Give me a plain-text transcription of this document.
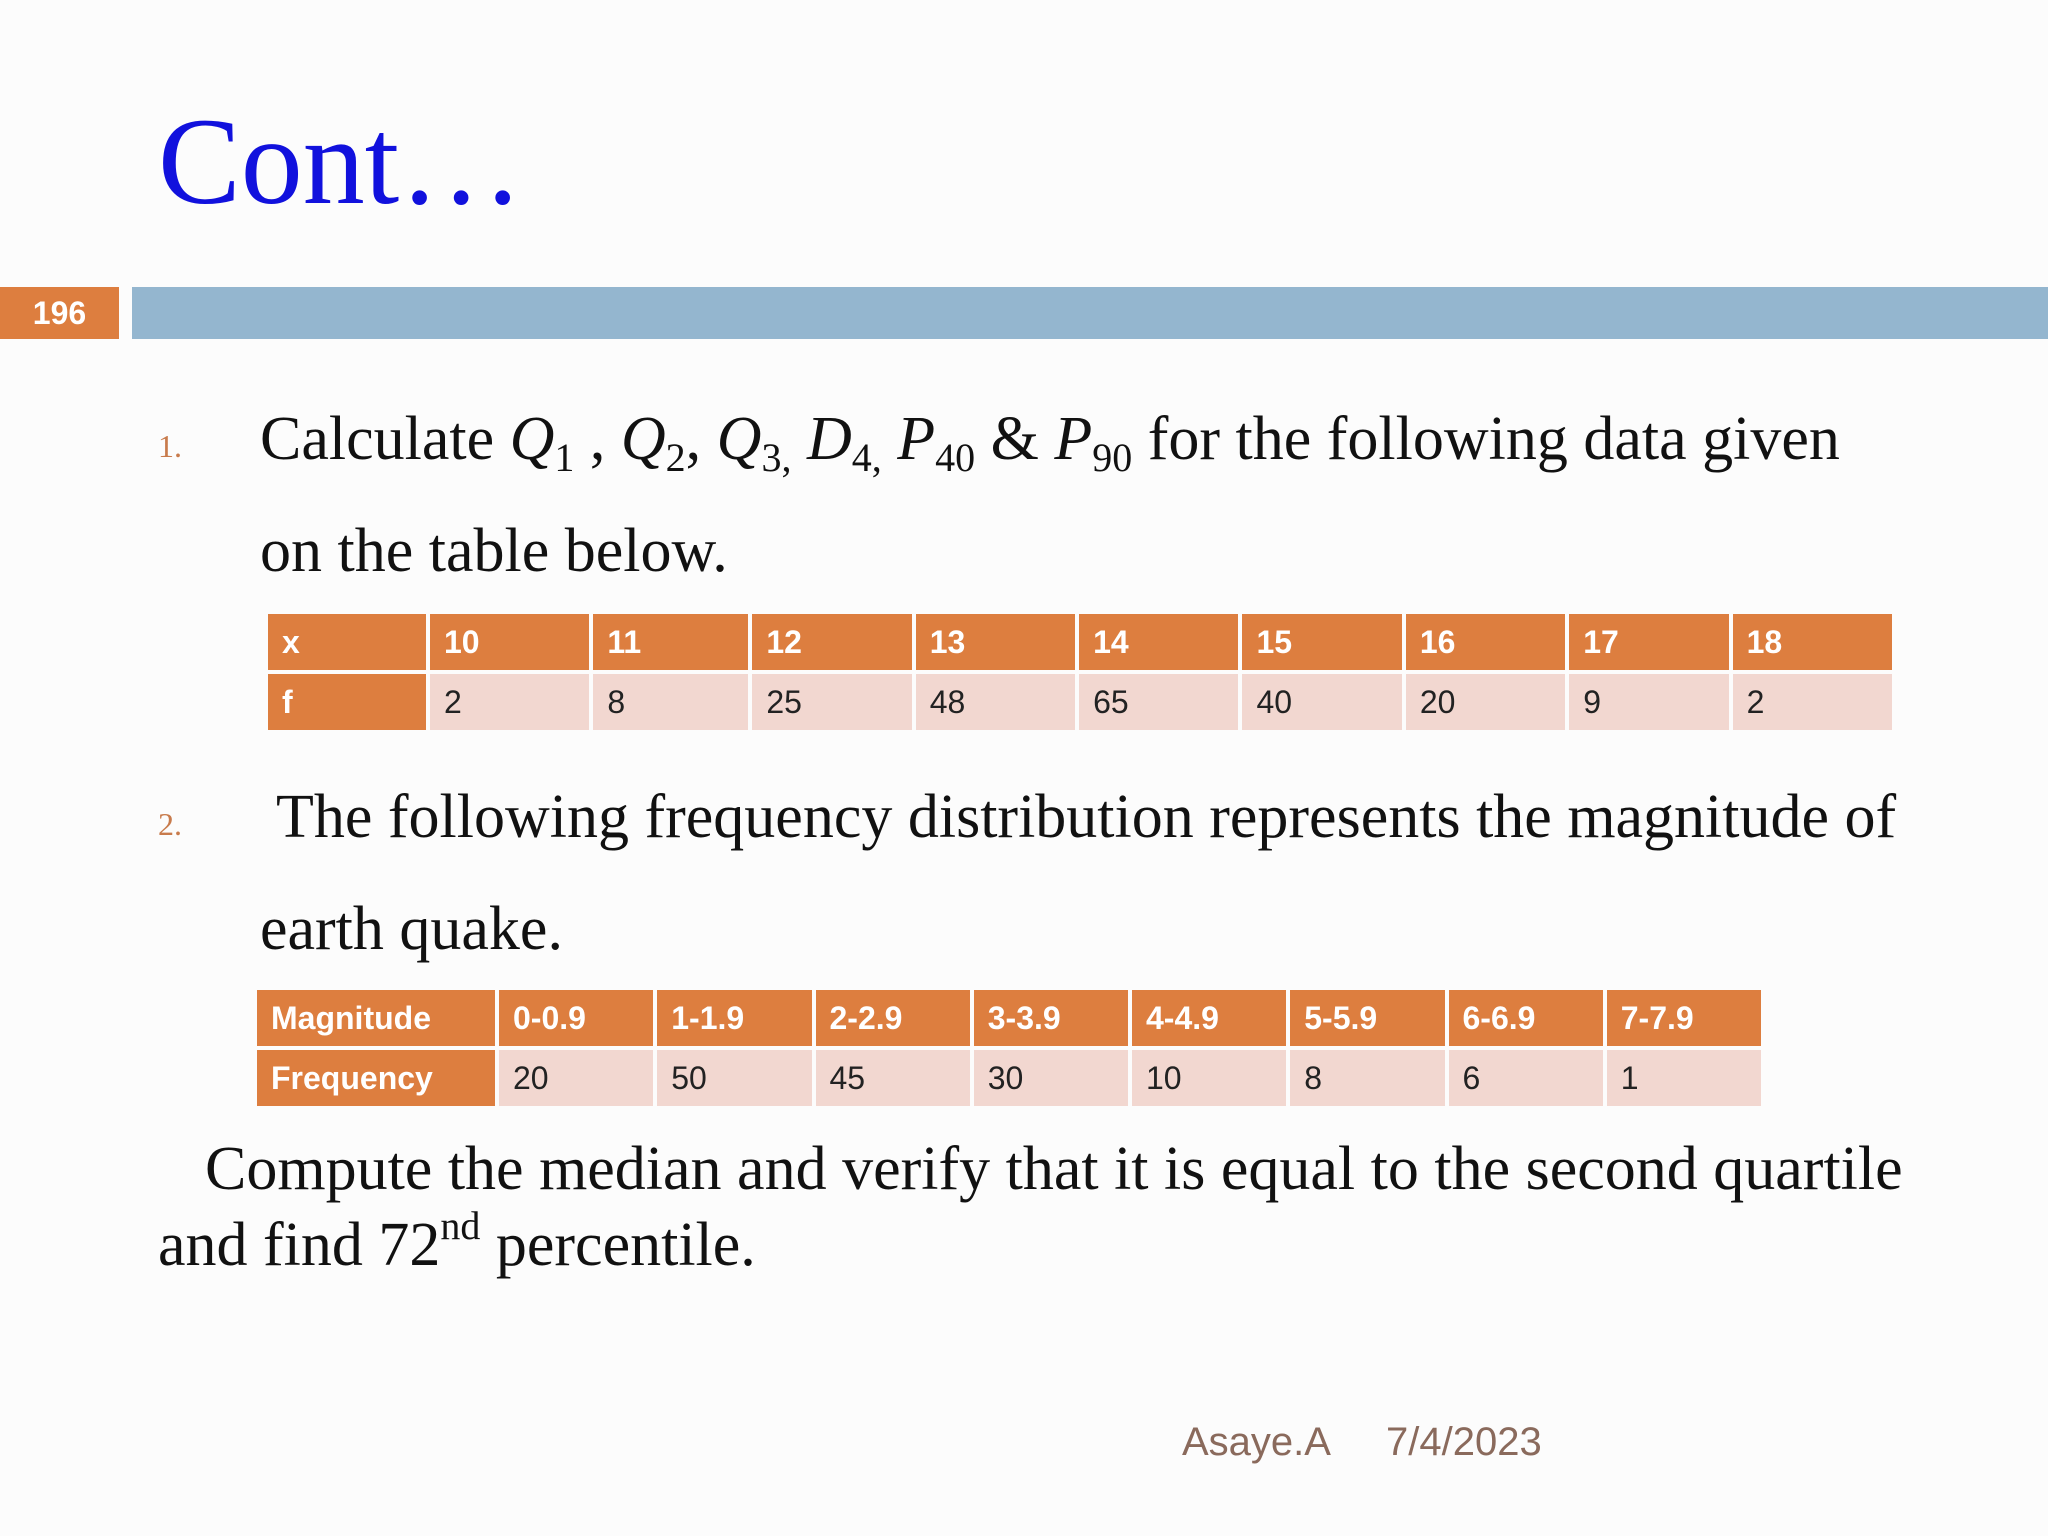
Cont…
196
1. Calculate $Q_1$ , $Q_2$, $Q_{3,}$ $D_{4,}$ $P_{40}$ & $P_{90}$ for the following data given
on the table below.
x	10	11	12	13	14	15	16	17	18
f	2	8	25	48	65	40	20	9	2
2. The following frequency distribution represents the magnitude of
earth quake.
Magnitude	0-0.9	1-1.9	2-2.9	3-3.9	4-4.9	5-5.9	6-6.9	7-7.9
Frequency	20	50	45	30	10	8	6	1
Compute the median and verify that it is equal to the second quartile
and find 72nd percentile.
Asaye.A 7/4/2023
